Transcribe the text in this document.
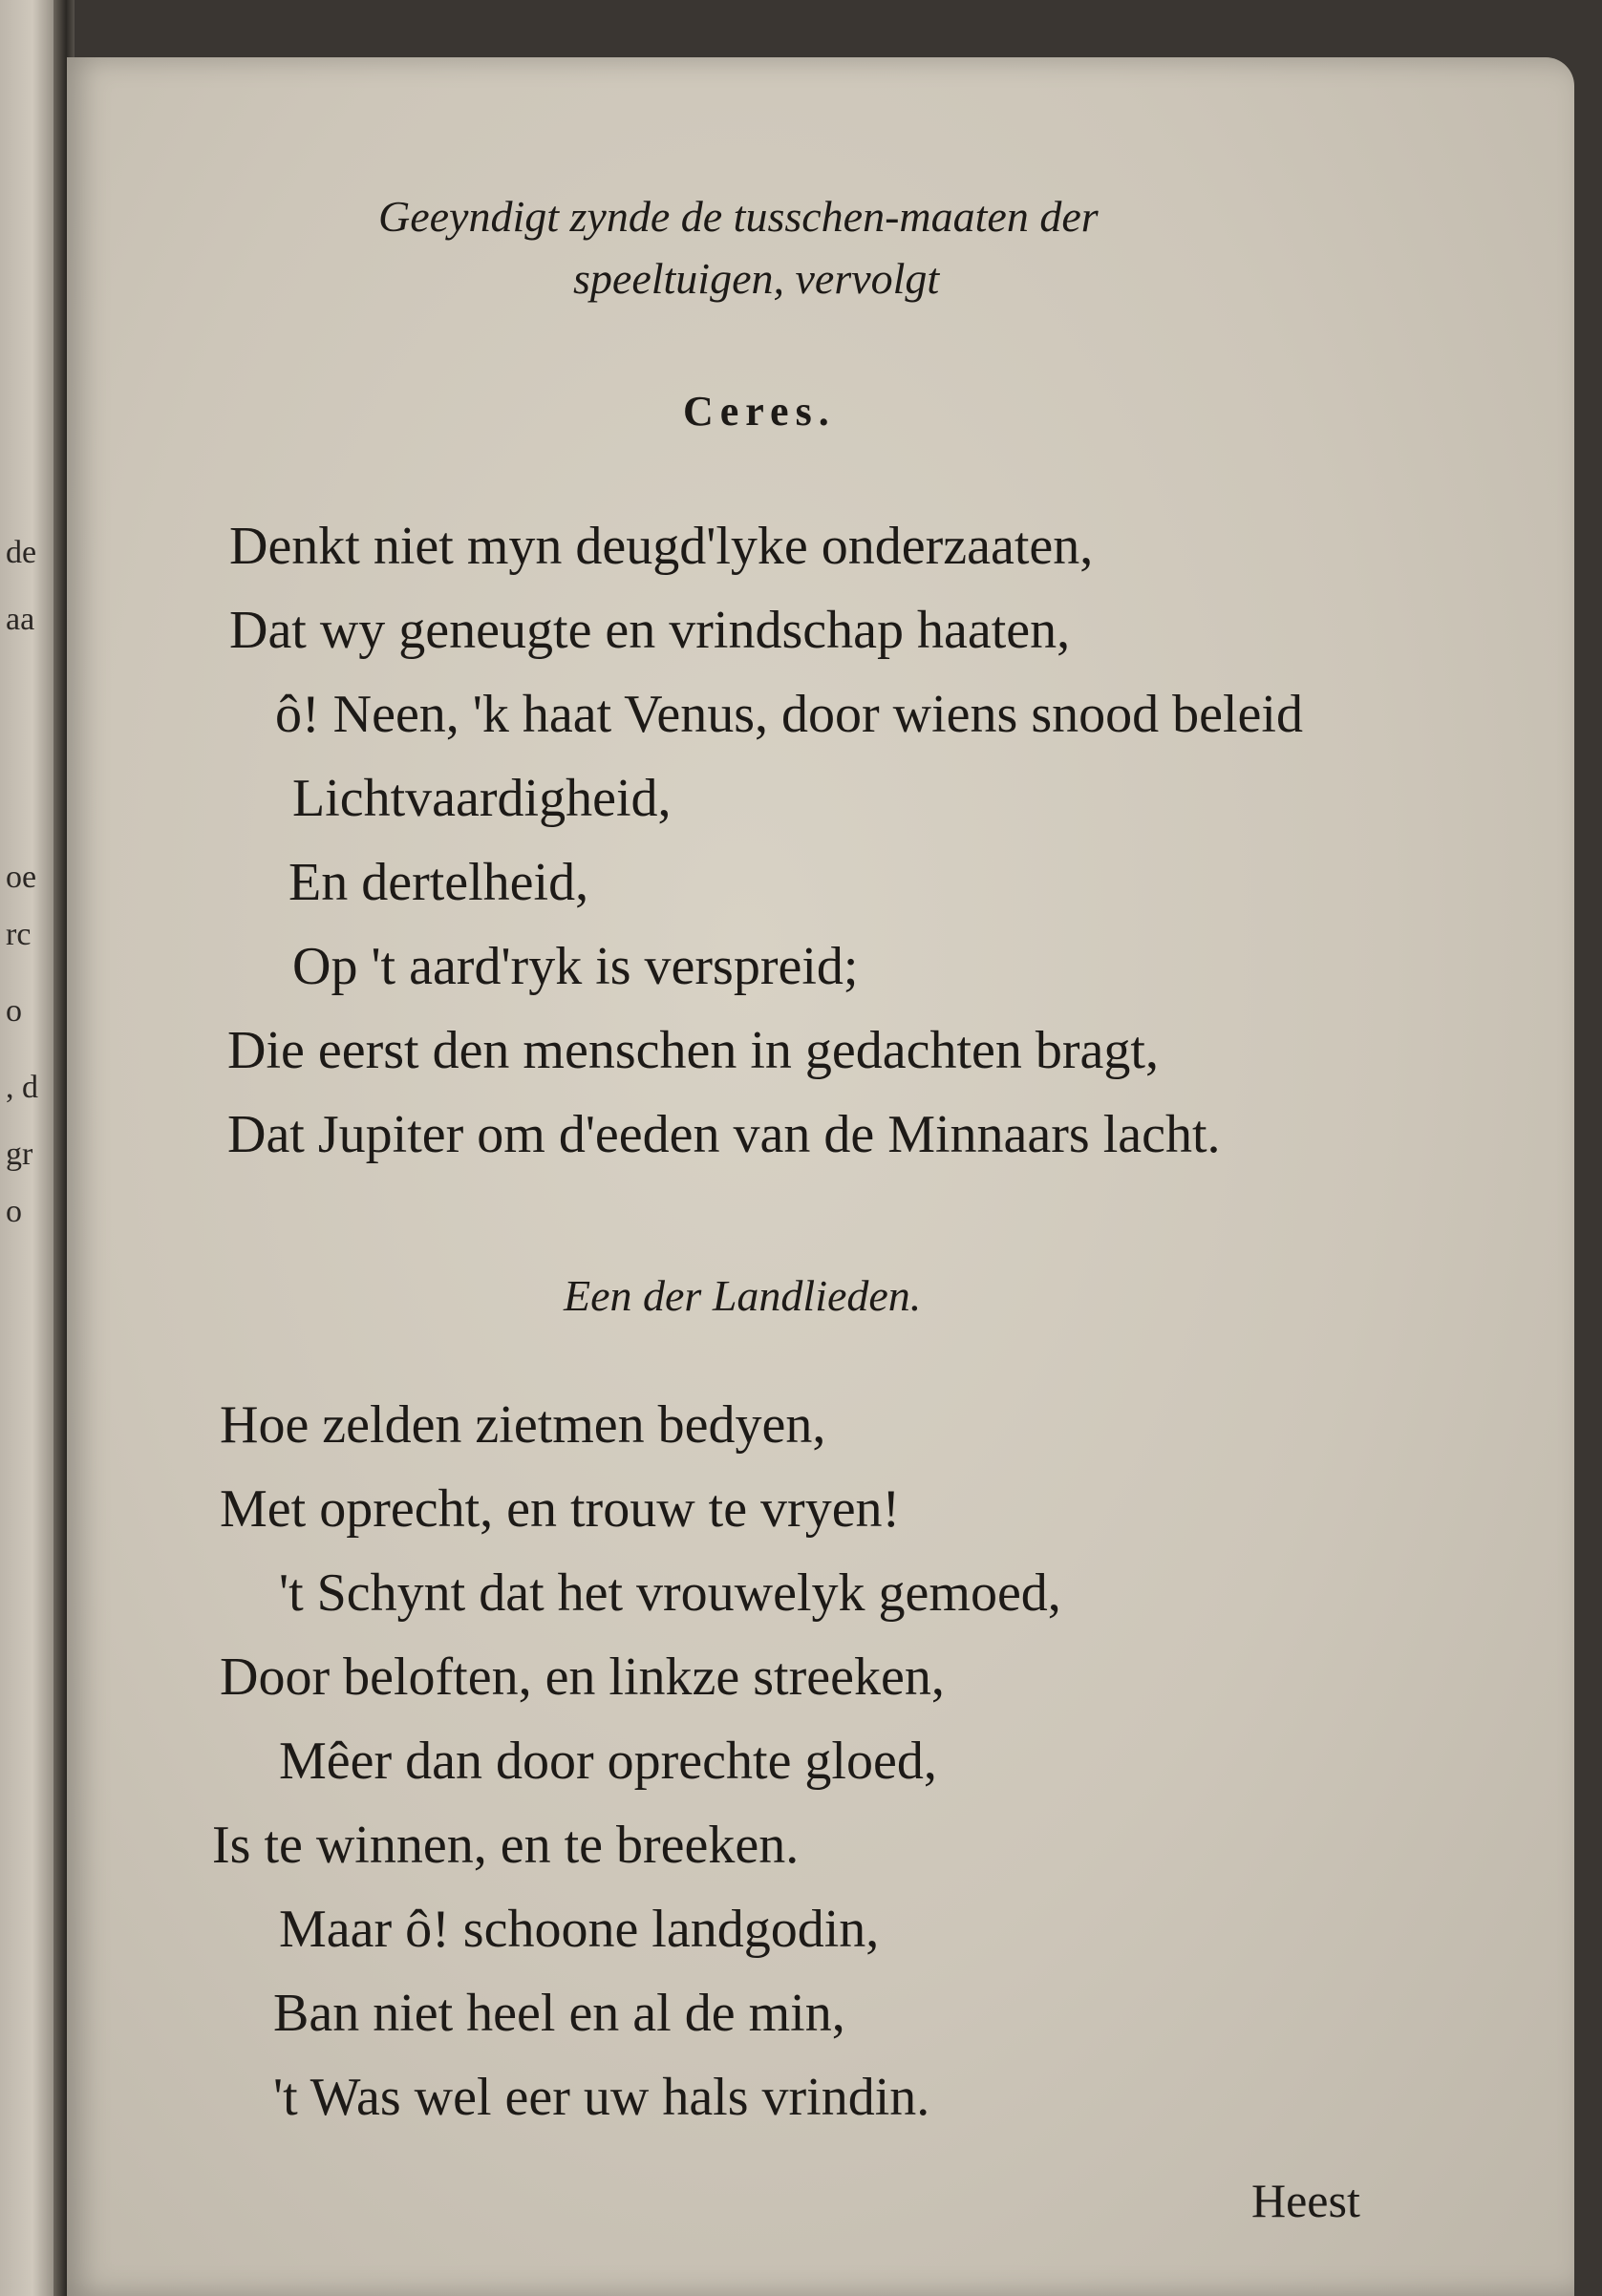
de
aa
oe
rc
o
, d
gr
o
Geeyndigt zynde de tusschen-maaten der
speeltuigen, vervolgt
Ceres.
Denkt niet myn deugd'lyke onderzaaten,
Dat wy geneugte en vrindschap haaten,
ô! Neen, 'k haat Venus, door wiens snood beleid
Lichtvaardigheid,
En dertelheid,
Op 't aard'ryk is verspreid;
Die eerst den menschen in gedachten bragt,
Dat Jupiter om d'eeden van de Minnaars lacht.
Een der Landlieden.
Hoe zelden zietmen bedyen,
Met oprecht, en trouw te vryen!
't Schynt dat het vrouwelyk gemoed,
Door beloften, en linkze streeken,
Mêer dan door oprechte gloed,
Is te winnen, en te breeken.
Maar ô! schoone landgodin,
Ban niet heel en al de min,
't Was wel eer uw hals vrindin.
Heest
